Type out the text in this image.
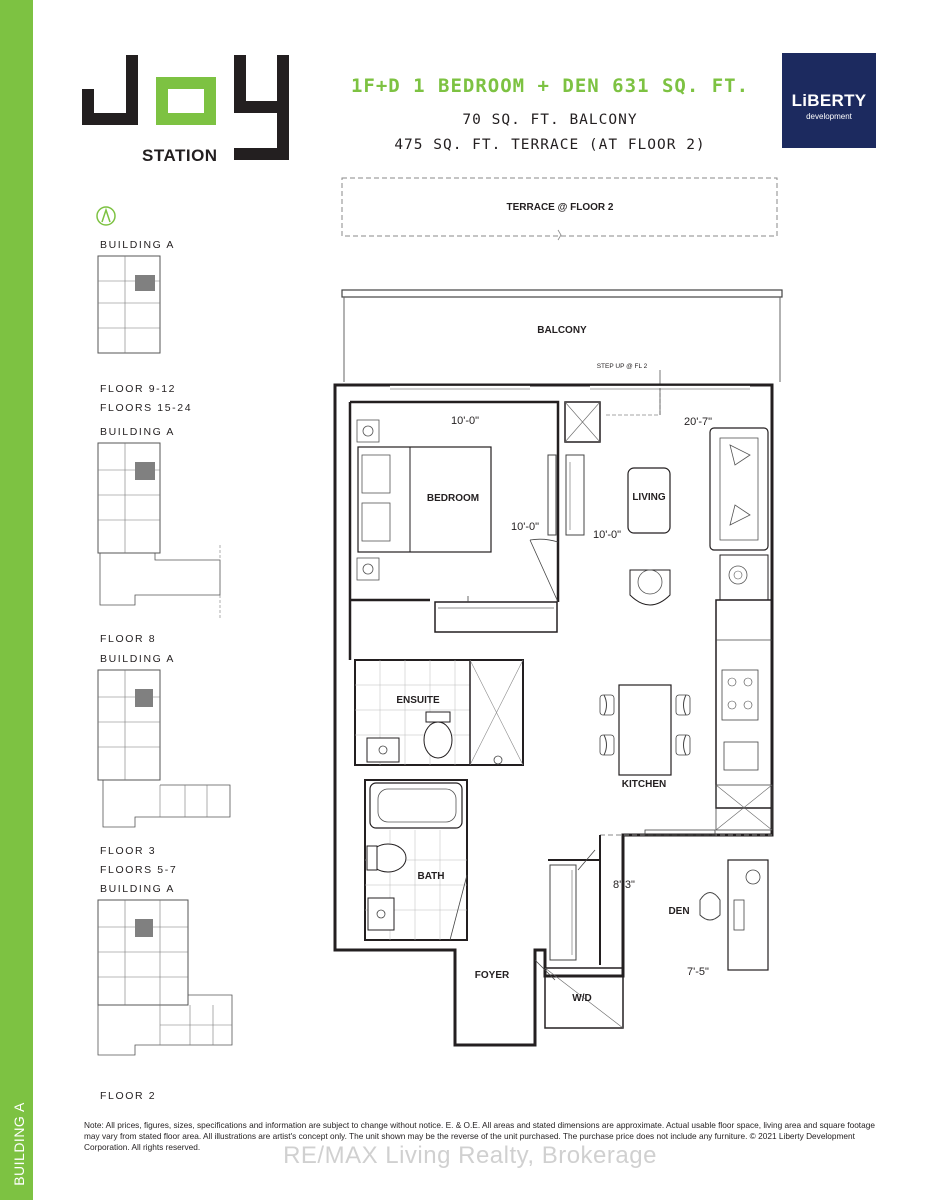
BUILDING A
STATION
1F+D 1 BEDROOM + DEN 631 SQ. FT.
70 SQ. FT. BALCONY
475 SQ. FT. TERRACE (AT FLOOR 2)
LiBERTY
development
BUILDING A
FLOOR 9-12
FLOORS 15-24
BUILDING A
FLOOR 8
BUILDING A
FLOOR 3
FLOORS 5-7
BUILDING A
FLOOR 2
TERRACE @ FLOOR 2
BALCONY
STEP UP @ FL 2
BEDROOM	LIVING
ENSUITE
KITCHEN
BATH
DEN
FOYER
W/D
10'-0"	20'-7"
10'-0"
10'-0"
8'-3"
7'-5"
Note: All prices, figures, sizes, specifications and information are subject to change without notice. E. & O.E. All areas and stated dimensions are approximate. Actual usable floor space, living area and square footage may vary from stated floor area. All illustrations are artist's concept only. The unit shown may be the reverse of the unit purchased. The purchase price does not include any furniture. © 2021 Liberty Development Corporation. All rights reserved.	RE/MAX Living Realty, Brokerage
